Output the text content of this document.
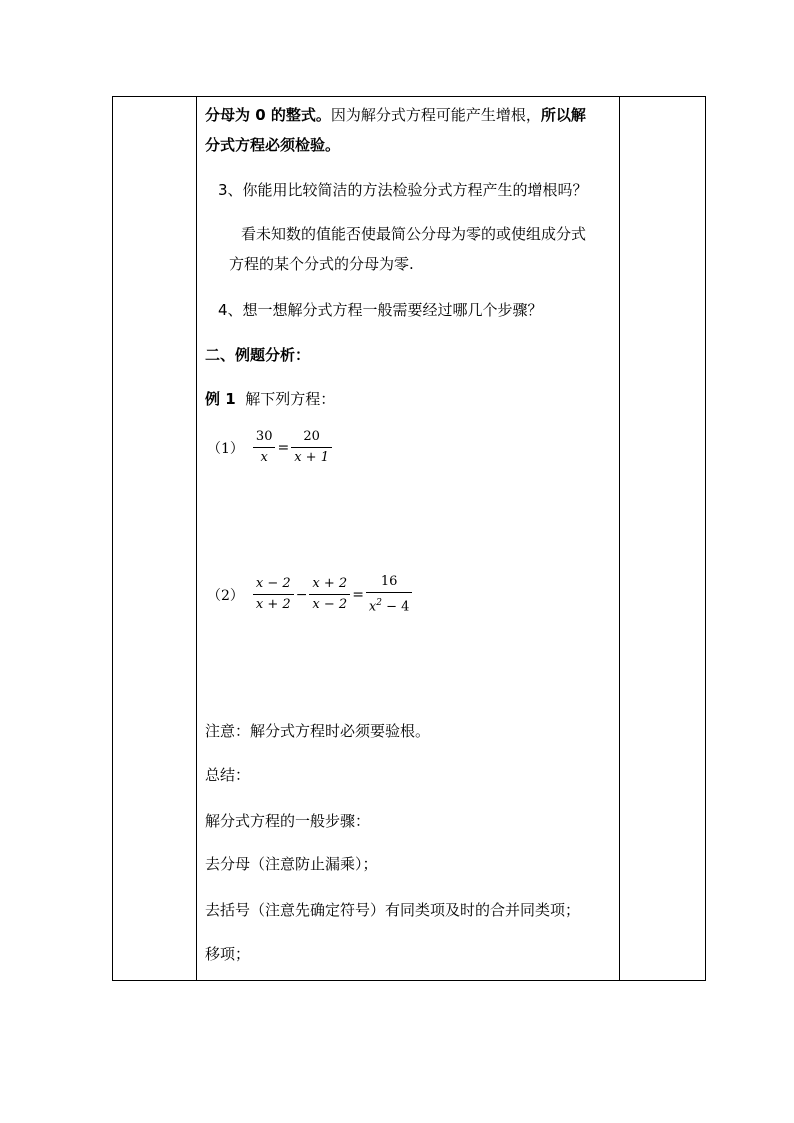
分母为 0 的整式。因为解分式方程可能产生增根，所以解
分式方程必须检验。
3、你能用比较简洁的方法检验分式方程产生的增根吗？
看未知数的值能否使最简公分母为零的或使组成分式
方程的某个分式的分母为零.
4、想一想解分式方程一般需要经过哪几个步骤？
二、例题分析：
例 1 解下列方程：
$(1) \frac{30}{x} = \frac{20}{x + 1}$
$(2) \frac{x - 2}{x + 2} - \frac{x + 2}{x - 2} = \frac{16}{x^2 - 4}$
注意：解分式方程时必须要验根。
总结：
解分式方程的一般步骤：
去分母（注意防止漏乘）；
去括号（注意先确定符号）有同类项及时的合并同类项；
移项；
